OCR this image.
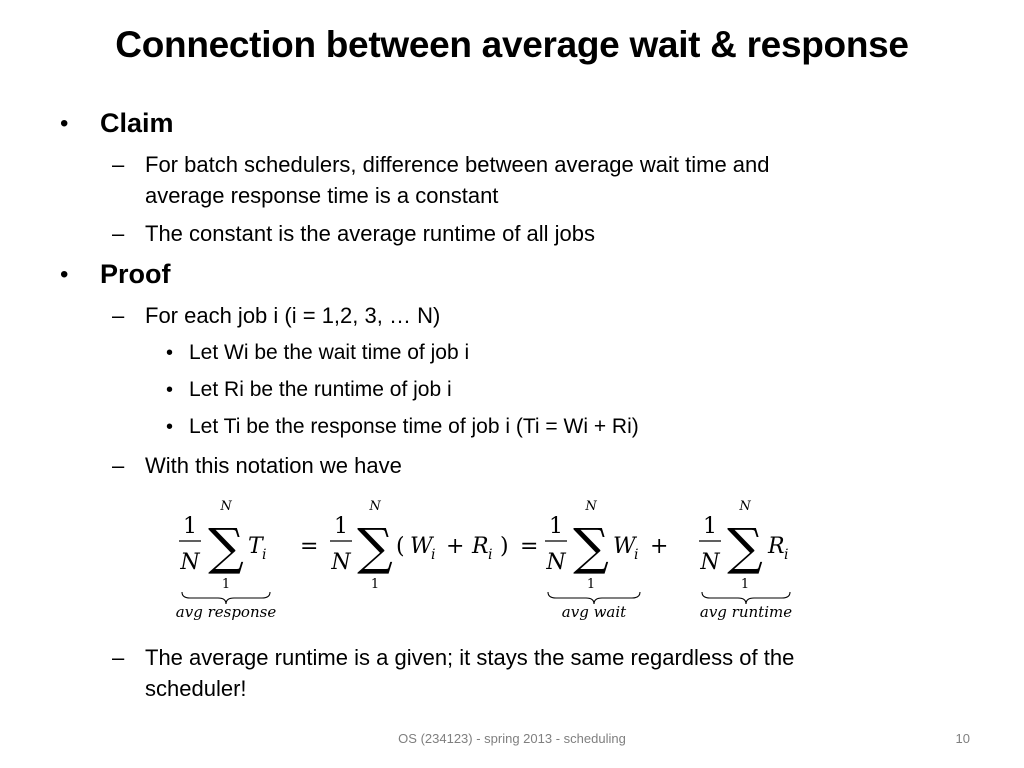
Connection between average wait & response
• Claim
– For batch schedulers, difference between average wait time and
average response time is a constant
– The constant is the average runtime of all jobs
• Proof
– For each job i (i = 1,2, 3, … N)
• Let Wi be the wait time of job i
• Let Ri be the runtime of job i
• Let Ti be the response time of job i (Ti = Wi + Ri)
– With this notation we have
1
N
N
∑
1
T i
avg response
=
1
N
N
∑
1
( W
i + R i ) =
1
N
N
∑
1
W
i +
avg wait
1
N
N
∑
1
R i
avg runtime
– The average runtime is a given; it stays the same regardless of the
scheduler!
OS (234123) - spring 2013 - scheduling	10
